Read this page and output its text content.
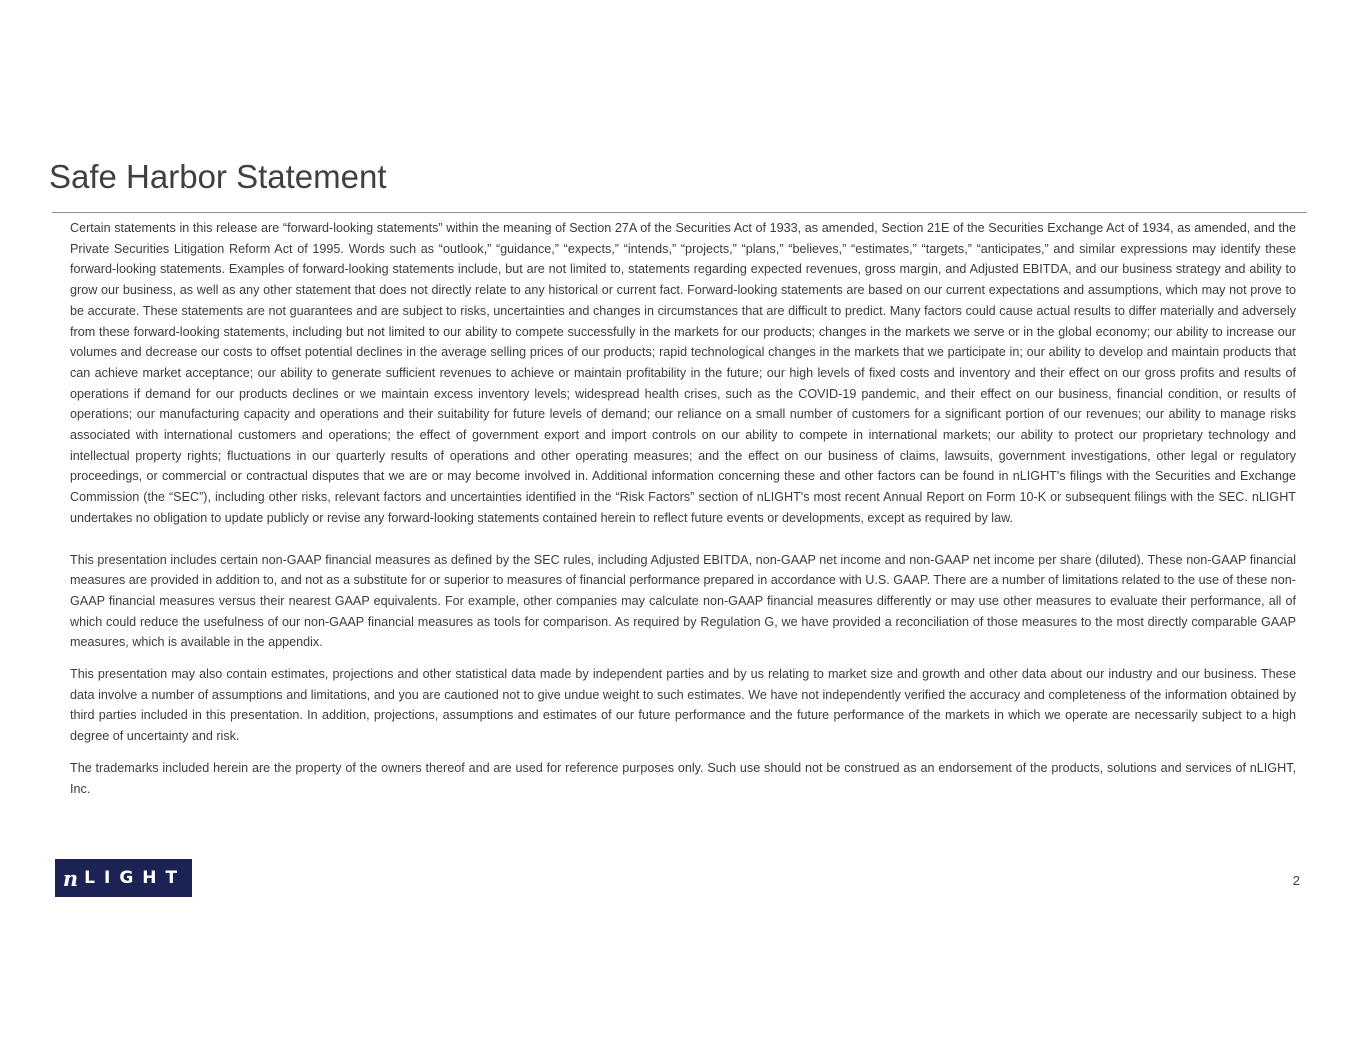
Safe Harbor Statement

Certain statements in this release are “forward-looking statements” within the meaning of Section 27A of the Securities Act of 1933, as amended, Section 21E of the Securities Exchange Act of 1934, as amended, and the Private Securities Litigation Reform Act of 1995. Words such as “outlook,” “guidance,” “expects,” “intends,” “projects,” “plans,” “believes,” “estimates,” “targets,” “anticipates,” and similar expressions may identify these forward-looking statements. Examples of forward-looking statements include, but are not limited to, statements regarding expected revenues, gross margin, and Adjusted EBITDA, and our business strategy and ability to grow our business, as well as any other statement that does not directly relate to any historical or current fact. Forward-looking statements are based on our current expectations and assumptions, which may not prove to be accurate. These statements are not guarantees and are subject to risks, uncertainties and changes in circumstances that are difficult to predict. Many factors could cause actual results to differ materially and adversely from these forward-looking statements, including but not limited to our ability to compete successfully in the markets for our products; changes in the markets we serve or in the global economy; our ability to increase our volumes and decrease our costs to offset potential declines in the average selling prices of our products; rapid technological changes in the markets that we participate in; our ability to develop and maintain products that can achieve market acceptance; our ability to generate sufficient revenues to achieve or maintain profitability in the future; our high levels of fixed costs and inventory and their effect on our gross profits and results of operations if demand for our products declines or we maintain excess inventory levels; widespread health crises, such as the COVID-19 pandemic, and their effect on our business, financial condition, or results of operations; our manufacturing capacity and operations and their suitability for future levels of demand; our reliance on a small number of customers for a significant portion of our revenues; our ability to manage risks associated with international customers and operations; the effect of government export and import controls on our ability to compete in international markets; our ability to protect our proprietary technology and intellectual property rights; fluctuations in our quarterly results of operations and other operating measures; and the effect on our business of claims, lawsuits, government investigations, other legal or regulatory proceedings, or commercial or contractual disputes that we are or may become involved in. Additional information concerning these and other factors can be found in nLIGHT's filings with the Securities and Exchange Commission (the “SEC”), including other risks, relevant factors and uncertainties identified in the “Risk Factors” section of nLIGHT's most recent Annual Report on Form 10-K or subsequent filings with the SEC. nLIGHT undertakes no obligation to update publicly or revise any forward-looking statements contained herein to reflect future events or developments, except as required by law.

This presentation includes certain non-GAAP financial measures as defined by the SEC rules, including Adjusted EBITDA, non-GAAP net income and non-GAAP net income per share (diluted). These non-GAAP financial measures are provided in addition to, and not as a substitute for or superior to measures of financial performance prepared in accordance with U.S. GAAP. There are a number of limitations related to the use of these non-GAAP financial measures versus their nearest GAAP equivalents. For example, other companies may calculate non-GAAP financial measures differently or may use other measures to evaluate their performance, all of which could reduce the usefulness of our non-GAAP financial measures as tools for comparison. As required by Regulation G, we have provided a reconciliation of those measures to the most directly comparable GAAP measures, which is available in the appendix.

This presentation may also contain estimates, projections and other statistical data made by independent parties and by us relating to market size and growth and other data about our industry and our business. These data involve a number of assumptions and limitations, and you are cautioned not to give undue weight to such estimates. We have not independently verified the accuracy and completeness of the information obtained by third parties included in this presentation. In addition, projections, assumptions and estimates of our future performance and the future performance of the markets in which we operate are necessarily subject to a high degree of uncertainty and risk.

The trademarks included herein are the property of the owners thereof and are used for reference purposes only. Such use should not be construed as an endorsement of the products, solutions and services of nLIGHT, Inc.

n LIGHT	2
